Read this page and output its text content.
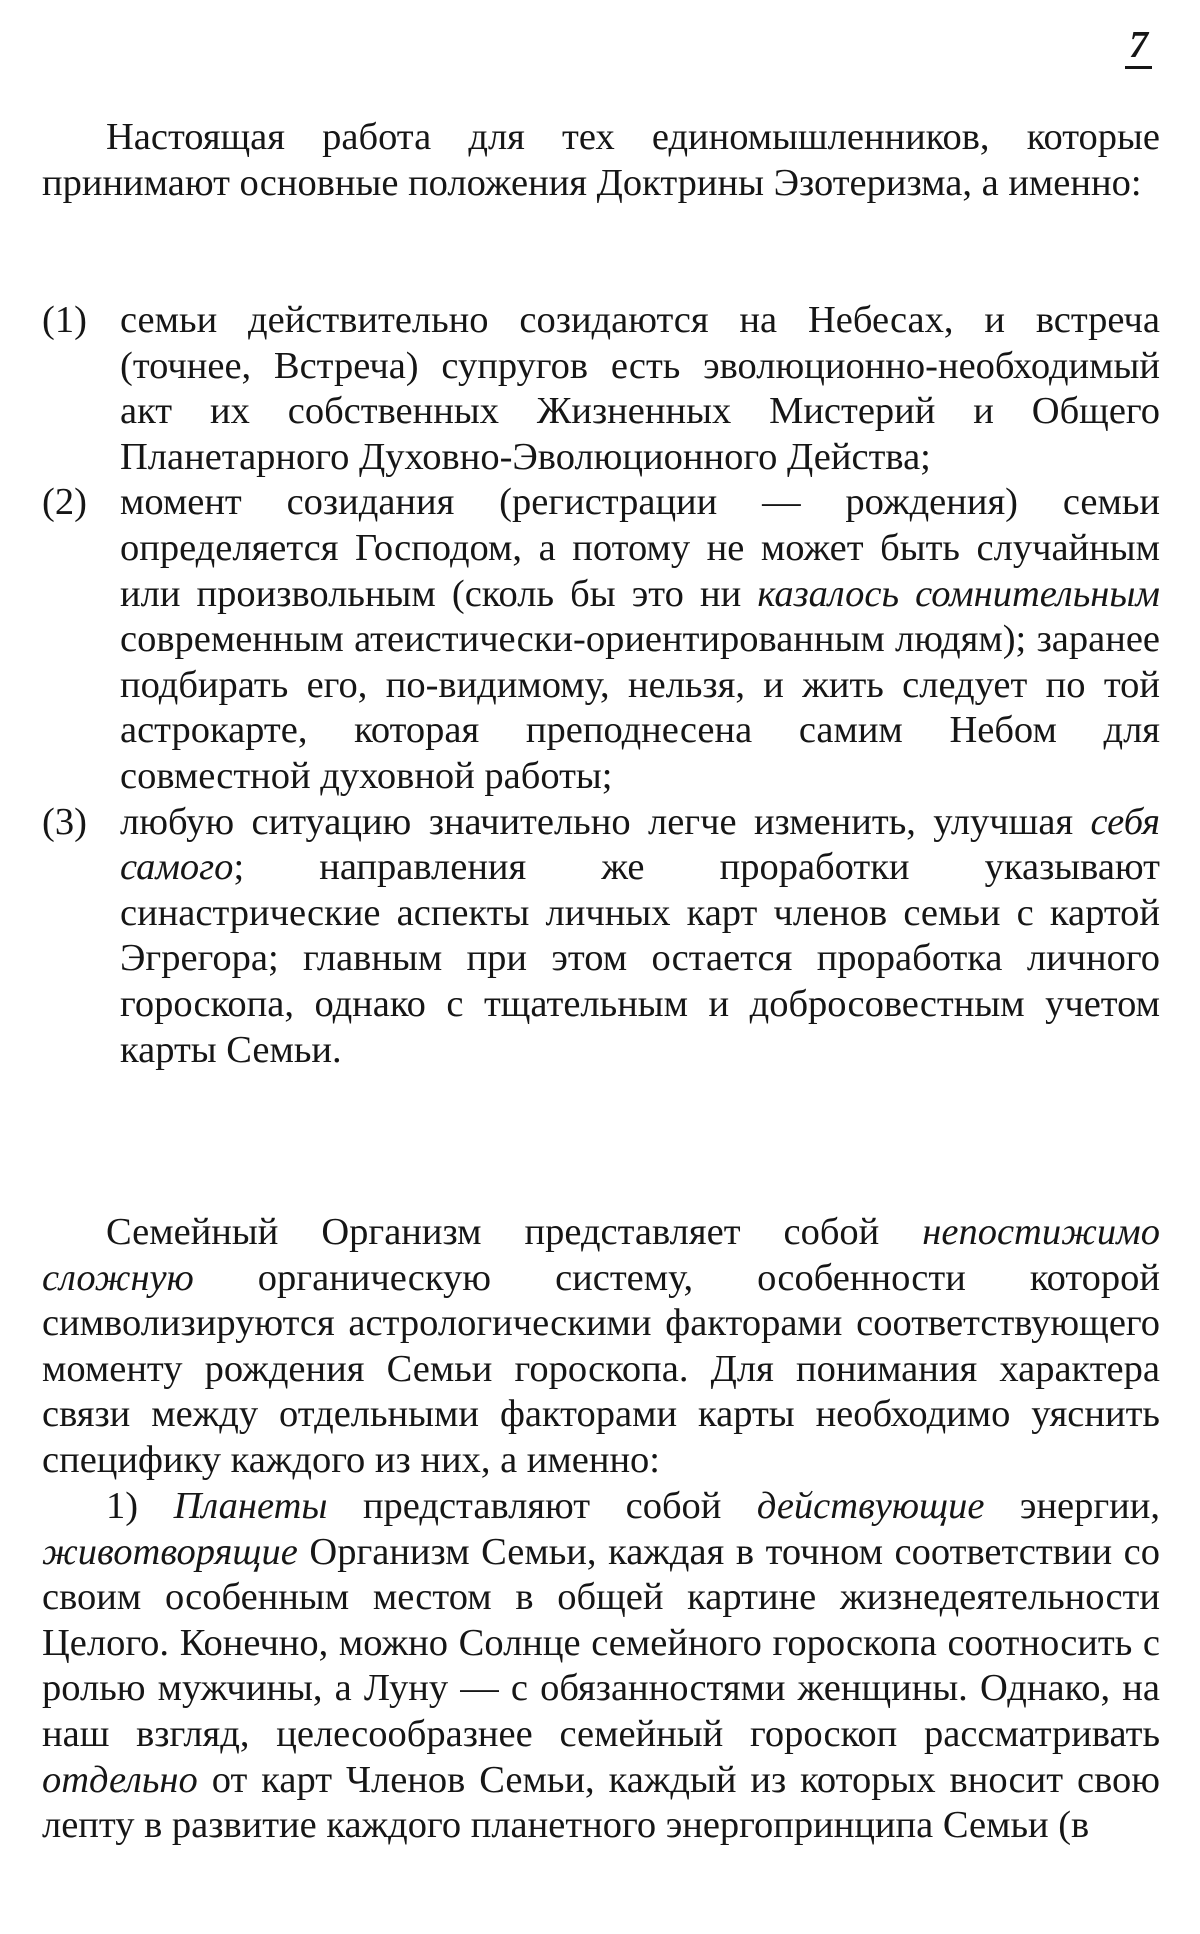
7

Настоящая работа для тех единомышленников, которые принимают основные положения Доктрины Эзотеризма, а именно:

(1) семьи действительно созидаются на Небесах, и встреча (точнее, Встреча) супругов есть эволюционно-необходимый акт их собственных Жизненных Мистерий и Общего Планетарного Духовно-Эволюционного Действа;
(2) момент созидания (регистрации — рождения) семьи определяется Господом, а потому не может быть случайным или произвольным (сколь бы это ни казалось сомнительным современным атеистически-ориентированным людям); заранее подбирать его, по-видимому, нельзя, и жить следует по той астрокарте, которая преподнесена самим Небом для совместной духовной работы;
(3) любую ситуацию значительно легче изменить, улучшая себя самого; направления же проработки указывают синастрические аспекты личных карт членов семьи с картой Эгрегора; главным при этом остается проработка личного гороскопа, однако с тщательным и добросовестным учетом карты Семьи.

Семейный Организм представляет собой непостижимо сложную органическую систему, особенности которой символизируются астрологическими факторами соответствующего моменту рождения Семьи гороскопа. Для понимания характера связи между отдельными факторами карты необходимо уяснить специфику каждого из них, а именно:

1) Планеты представляют собой действующие энергии, животворящие Организм Семьи, каждая в точном соответствии со своим особенным местом в общей картине жизнедеятельности Целого. Конечно, можно Солнце семейного гороскопа соотносить с ролью мужчины, а Луну — с обязанностями женщины. Однако, на наш взгляд, целесообразнее семейный гороскоп рассматривать отдельно от карт Членов Семьи, каждый из которых вносит свою лепту в развитие каждого планетного энергопринципа Семьи (в
